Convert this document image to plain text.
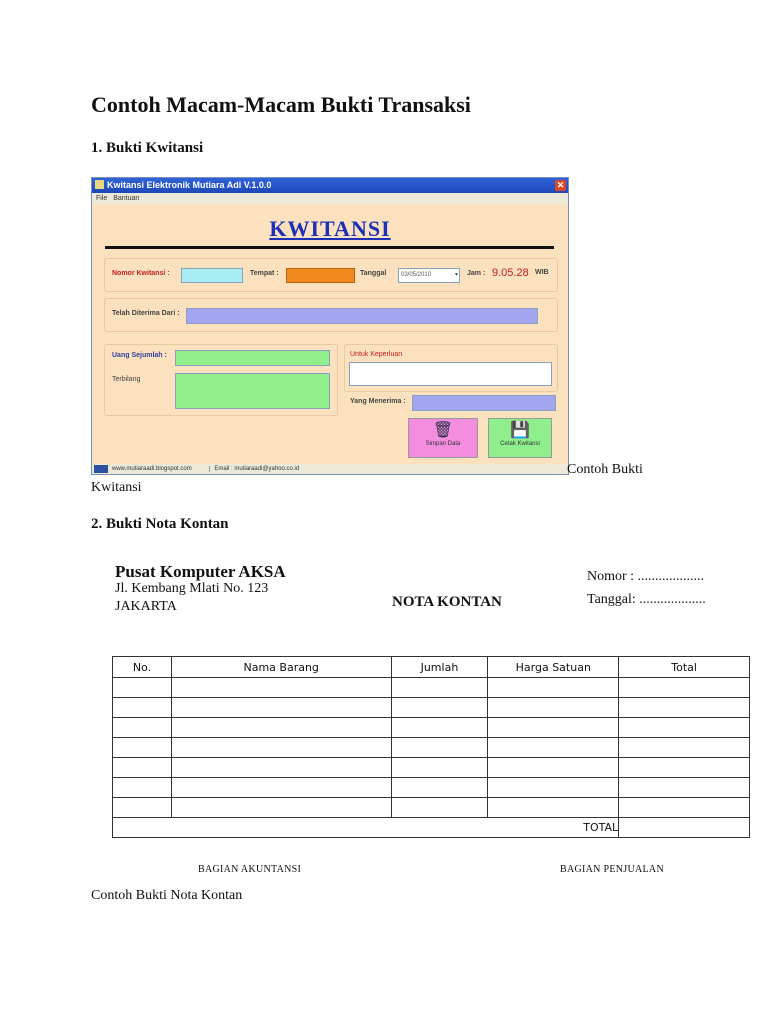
Contoh Macam-Macam Bukti Transaksi
1. Bukti Kwitansi
Kwitansi Elektronik Mutiara Adi V.1.0.0	✕
File Bantuan
KWITANSI
Nomor Kwitansi :	Tempat :	Tanggal	03/05/2010	▾ Jam : 9.05.28 WIB
Telah Diterima Dari :
Uang Sejumlah :
Terbilang
Untuk Keperluan
Yang Menerima :
🗑
Simpan Data
💾
Cetak Kwitansi
www.mutiaraadi.blogspot.com	Email : mutiaraadi@yahoo.co.id	Contoh Bukti
Kwitansi
2. Bukti Nota Kontan
Pusat Komputer AKSA
Jl. Kembang Mlati No. 123
JAKARTA	NOTA KONTAN
Nomor : ...................
Tanggal: ...................
No.	Nama Barang	Jumlah	Harga Satuan	Total

TOTAL				
BAGIAN AKUNTANSI	BAGIAN PENJUALAN
Contoh Bukti Nota Kontan
